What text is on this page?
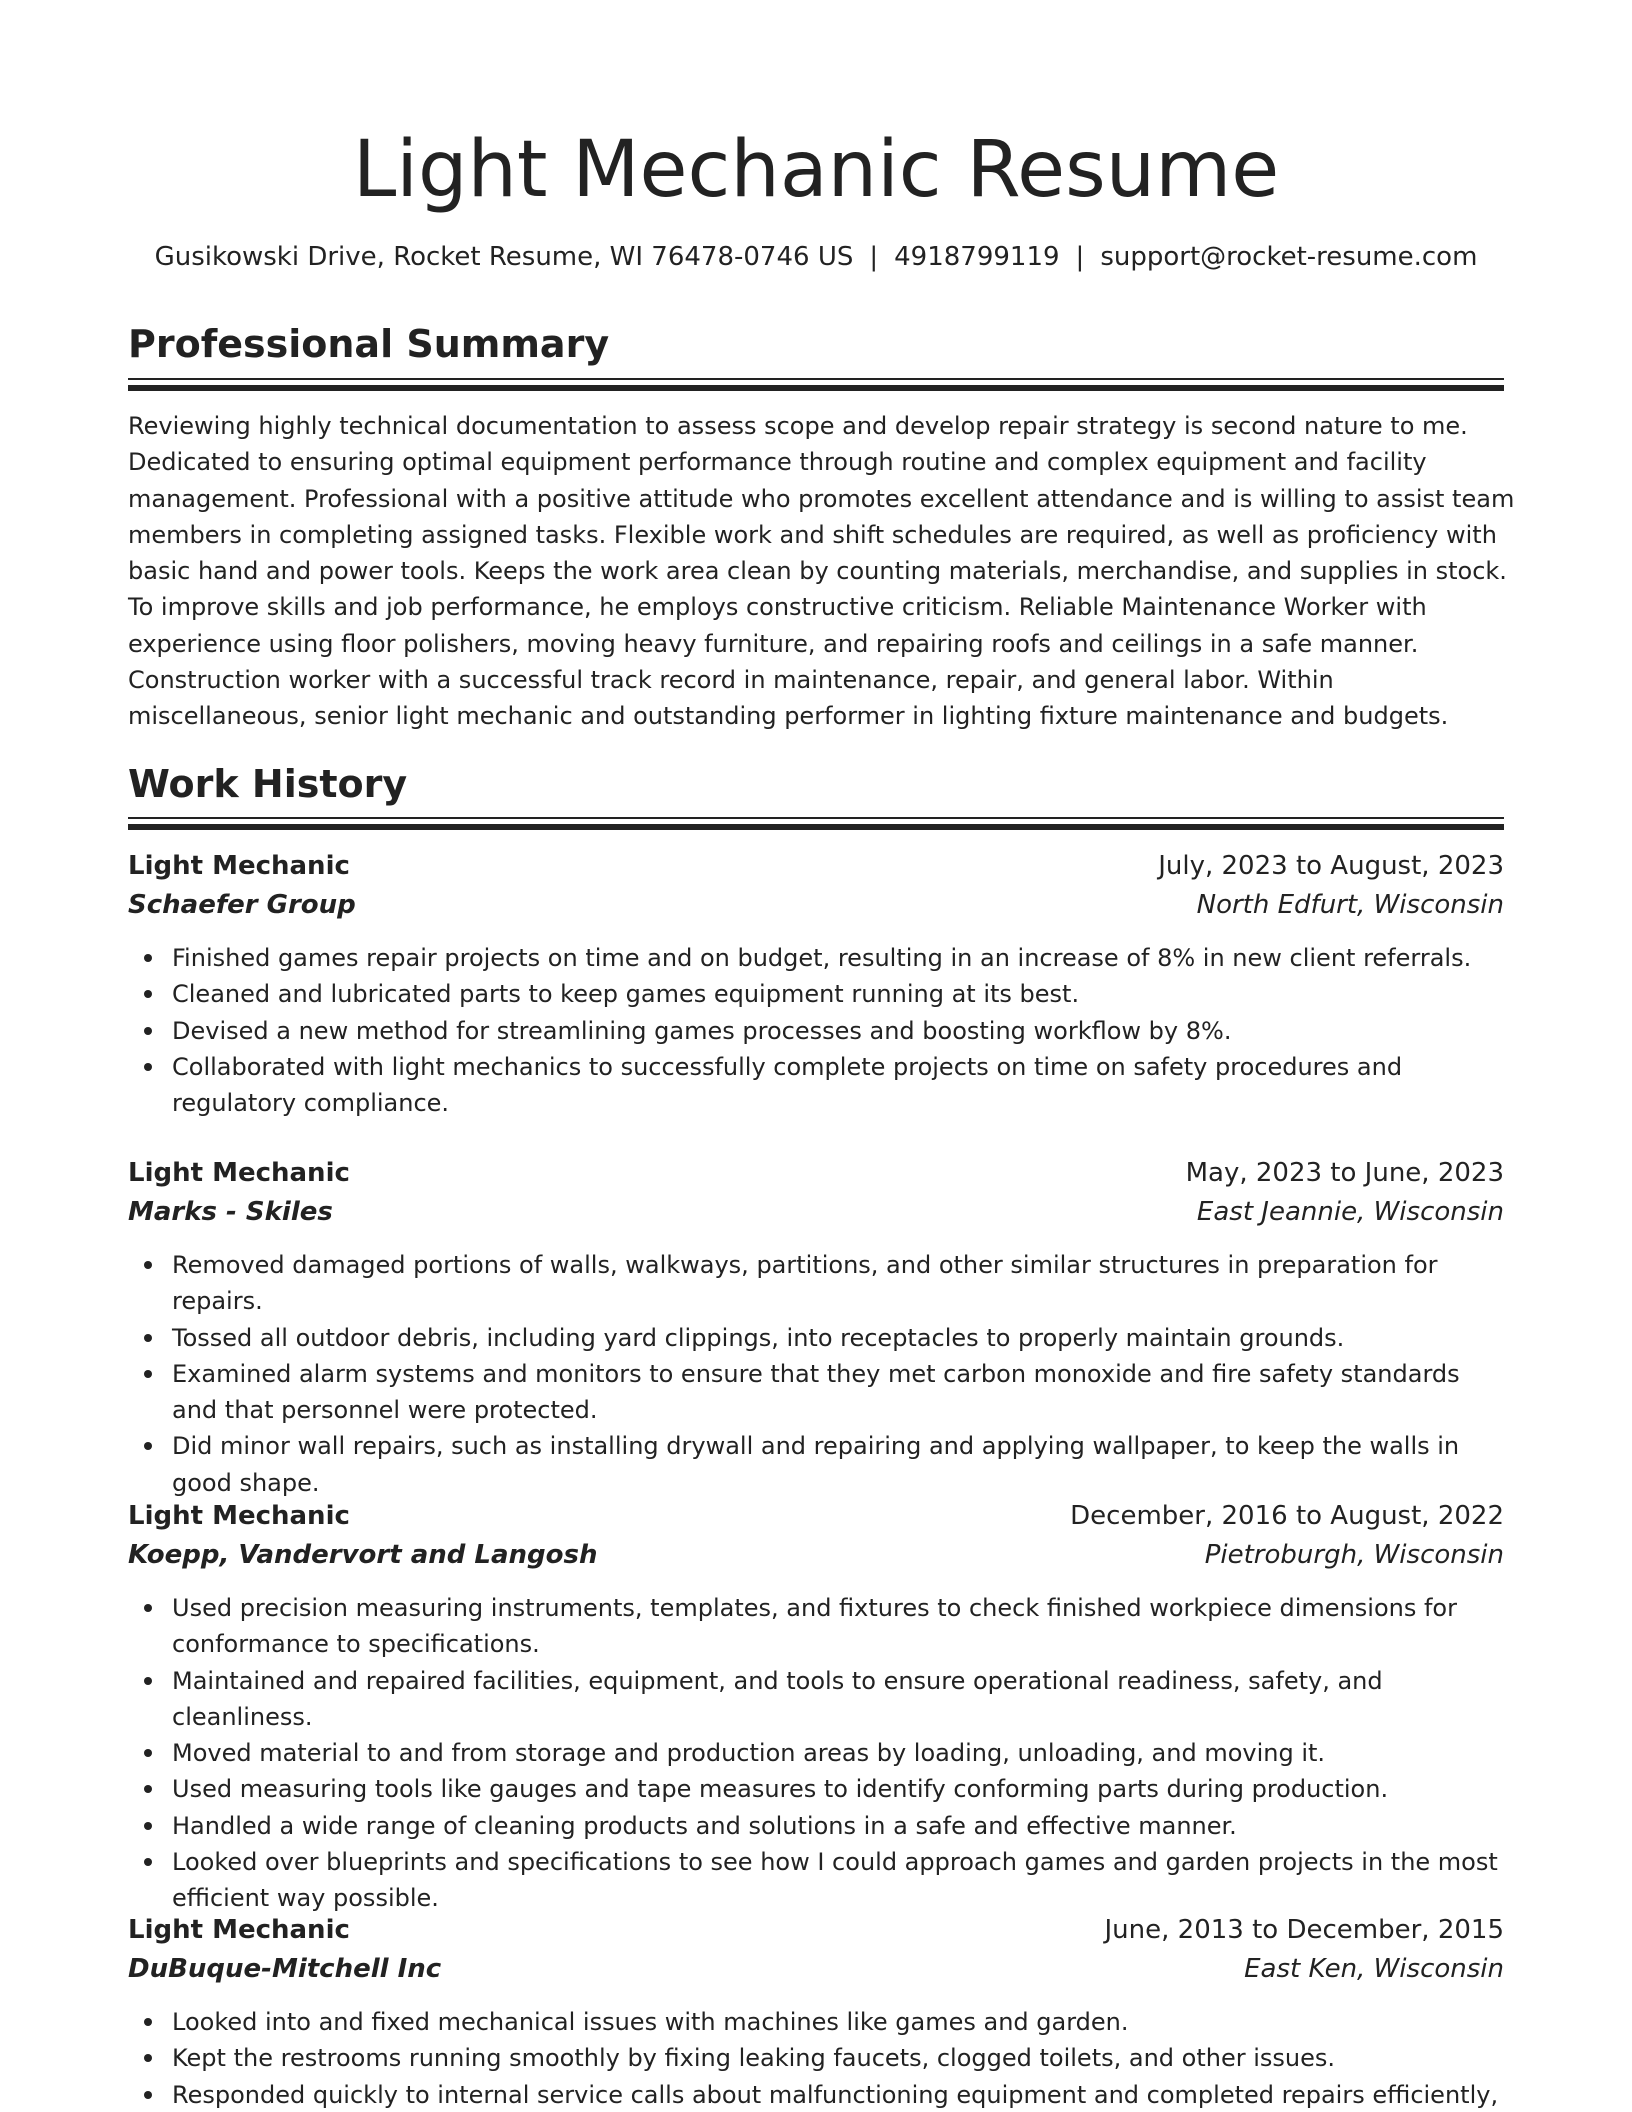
Light Mechanic Resume
Gusikowski Drive, Rocket Resume, WI 76478-0746 US | 4918799119 | support@rocket-resume.com
Professional Summary

Reviewing highly technical documentation to assess scope and develop repair strategy is second nature to me. Dedicated to ensuring optimal equipment performance through routine and complex equipment and facility management. Professional with a positive attitude who promotes excellent attendance and is willing to assist team members in completing assigned tasks. Flexible work and shift schedules are required, as well as proficiency with basic hand and power tools. Keeps the work area clean by counting materials, merchandise, and supplies in stock. To improve skills and job performance, he employs constructive criticism. Reliable Maintenance Worker with experience using floor polishers, moving heavy furniture, and repairing roofs and ceilings in a safe manner. Construction worker with a successful track record in maintenance, repair, and general labor. Within miscellaneous, senior light mechanic and outstanding performer in lighting fixture maintenance and budgets.

Work History
Light Mechanic	July, 2023 to August, 2023
Schaefer Group	North Edfurt, Wisconsin
Finished games repair projects on time and on budget, resulting in an increase of 8% in new client referrals.
Cleaned and lubricated parts to keep games equipment running at its best.
Devised a new method for streamlining games processes and boosting workflow by 8%.
Collaborated with light mechanics to successfully complete projects on time on safety procedures and regulatory compliance.
Light Mechanic	May, 2023 to June, 2023
Marks - Skiles	East Jeannie, Wisconsin
Removed damaged portions of walls, walkways, partitions, and other similar structures in preparation for repairs.
Tossed all outdoor debris, including yard clippings, into receptacles to properly maintain grounds.
Examined alarm systems and monitors to ensure that they met carbon monoxide and fire safety standards and that personnel were protected.
Did minor wall repairs, such as installing drywall and repairing and applying wallpaper, to keep the walls in good shape.
Light Mechanic	December, 2016 to August, 2022
Koepp, Vandervort and Langosh	Pietroburgh, Wisconsin
Used precision measuring instruments, templates, and fixtures to check finished workpiece dimensions for conformance to specifications.
Maintained and repaired facilities, equipment, and tools to ensure operational readiness, safety, and cleanliness.
Moved material to and from storage and production areas by loading, unloading, and moving it.
Used measuring tools like gauges and tape measures to identify conforming parts during production.
Handled a wide range of cleaning products and solutions in a safe and effective manner.
Looked over blueprints and specifications to see how I could approach games and garden projects in the most efficient way possible.
Light Mechanic	June, 2013 to December, 2015
DuBuque-Mitchell Inc	East Ken, Wisconsin
Looked into and fixed mechanical issues with machines like games and garden.
Kept the restrooms running smoothly by fixing leaking faucets, clogged toilets, and other issues.
Responded quickly to internal service calls about malfunctioning equipment and completed repairs efficiently,
